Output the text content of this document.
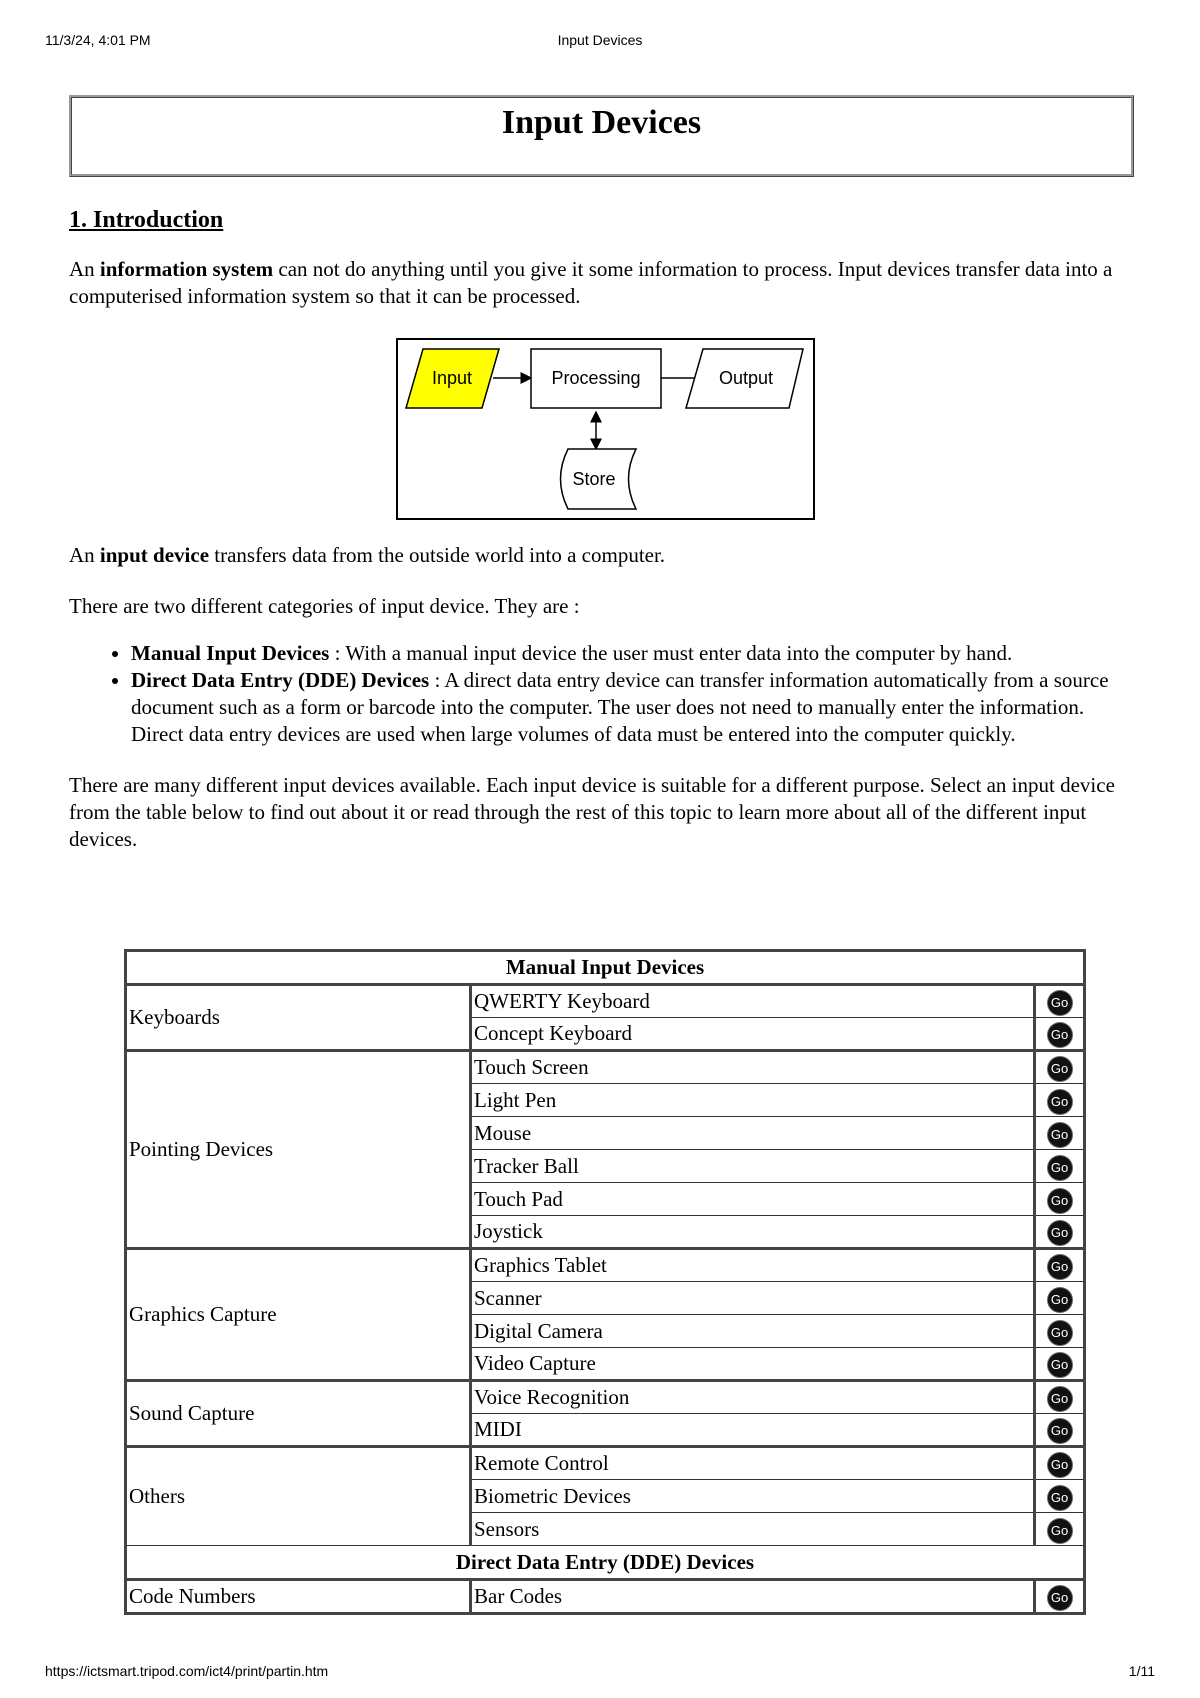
11/3/24, 4:01 PM	Input Devices
Input Devices
1. Introduction

An information system can not do anything until you give it some information to process. Input devices transfer data into a computerised information system so that it can be processed.

Input	Processing	Output
Store

An input device transfers data from the outside world into a computer.

There are two different categories of input device. They are :

• Manual Input Devices : With a manual input device the user must enter data into the computer by hand.
• Direct Data Entry (DDE) Devices : A direct data entry device can transfer information automatically from a source document such as a form or barcode into the computer. The user does not need to manually enter the information. Direct data entry devices are used when large volumes of data must be entered into the computer quickly.

There are many different input devices available. Each input device is suitable for a different purpose. Select an input device from the table below to find out about it or read through the rest of this topic to learn more about all of the different input devices.

Manual Input Devices		
Keyboards	QWERTY Keyboard	Go
	Concept Keyboard	Go
Pointing Devices	Touch Screen	Go
	Light Pen	Go
	Mouse	Go
	Tracker Ball	Go
	Touch Pad	Go
	Joystick	Go
Graphics Capture	Graphics Tablet	Go
	Scanner	Go
	Digital Camera	Go
	Video Capture	Go
Sound Capture	Voice Recognition	Go
	MIDI	Go
Others	Remote Control	Go
	Biometric Devices	Go
	Sensors	Go
Direct Data Entry (DDE) Devices		
Code Numbers	Bar Codes	Go
https://ictsmart.tripod.com/ict4/print/partin.htm	1/11
